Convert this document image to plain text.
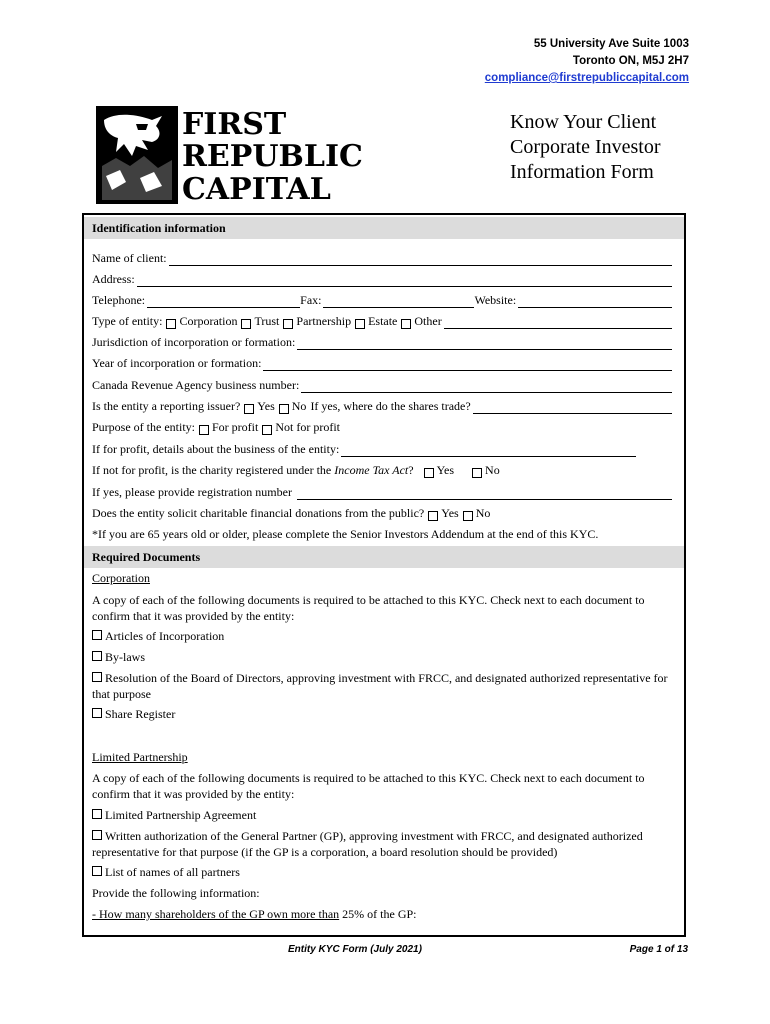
55 University Ave Suite 1003
Toronto ON, M5J 2H7
compliance@firstrepubliccapital.com
FIRST
REPUBLIC
CAPITAL
Know Your Client
Corporate Investor
Information Form
Identification information
Name of client:
Address:
Telephone:	Fax:	Website:
Type of entity: Corporation Trust Partnership Estate Other
Jurisdiction of incorporation or formation:
Year of incorporation or formation:
Canada Revenue Agency business number:
Is the entity a reporting issuer? Yes No If yes, where do the shares trade?
Purpose of the entity: For profit Not for profit
If for profit, details about the business of the entity:
If not for profit, is the charity registered under the
Income Tax Act ? Yes	No
If yes, please provide registration number
Does the entity solicit charitable financial donations from the public? Yes No
*If you are 65 years old or older, please complete the Senior Investors Addendum at the end of this KYC.
Required Documents
Corporation
A copy of each of the following documents is required to be attached to this KYC. Check next to each document to confirm that it was provided by the entity:
Articles of Incorporation
By-laws
Resolution of the Board of Directors, approving investment with FRCC, and designated authorized representative for that purpose
Share Register
Limited Partnership
A copy of each of the following documents is required to be attached to this KYC. Check next to each document to confirm that it was provided by the entity:
Limited Partnership Agreement
Written authorization of the General Partner (GP), approving investment with FRCC, and designated authorized representative for that purpose (if the GP is a corporation, a board resolution should be provided)
List of names of all partners
Provide the following information:
- How many shareholders of the GP own more than 25% of the GP:
Entity KYC Form (July 2021)	Page 1 of 13
